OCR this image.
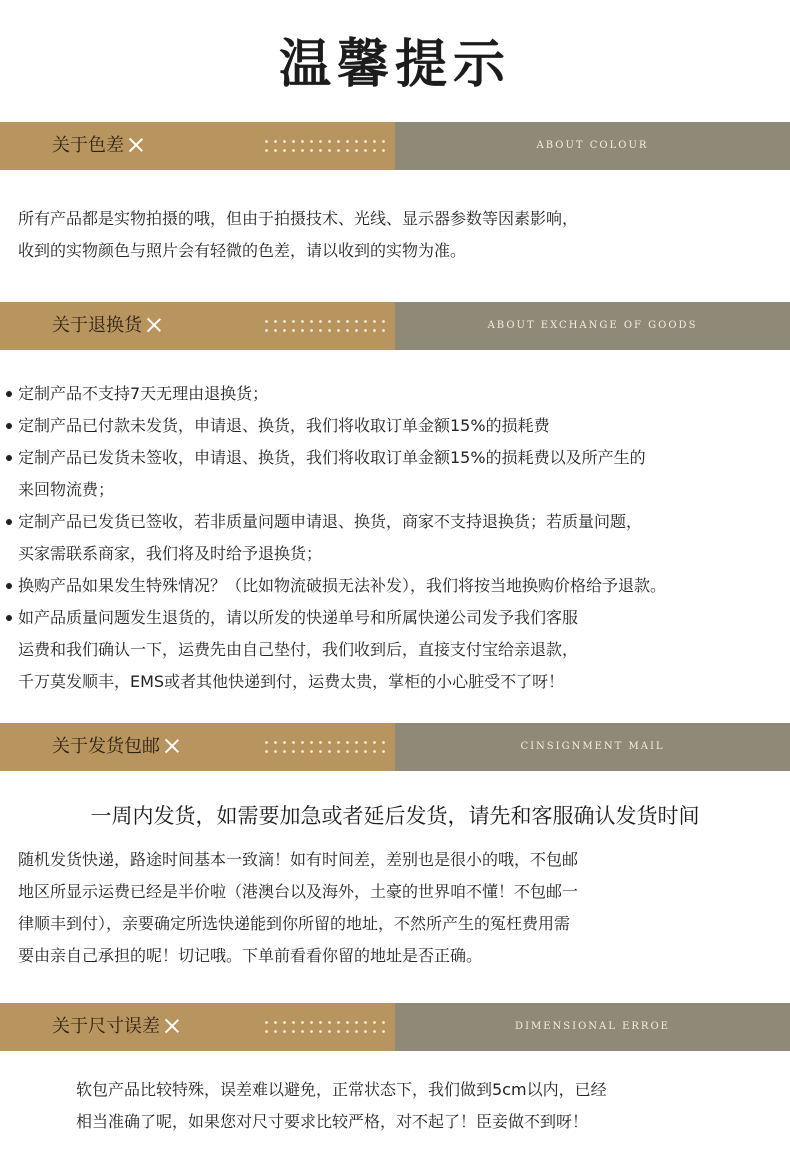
温馨提示
关于色差	ABOUT COLOUR
所有产品都是实物拍摄的哦，但由于拍摄技术、光线、显示器参数等因素影响，
收到的实物颜色与照片会有轻微的色差，请以收到的实物为准。
关于退换货	ABOUT EXCHANGE OF GOODS
定制产品不支持7天无理由退换货；
定制产品已付款未发货，申请退、换货，我们将收取订单金额15%的损耗费
定制产品已发货未签收，申请退、换货，我们将收取订单金额15%的损耗费以及所产生的
来回物流费；
定制产品已发货已签收，若非质量问题申请退、换货，商家不支持退换货；若质量问题，
买家需联系商家，我们将及时给予退换货；
换购产品如果发生特殊情况？（比如物流破损无法补发），我们将按当地换购价格给予退款。
如产品质量问题发生退货的，请以所发的快递单号和所属快递公司发予我们客服
运费和我们确认一下，运费先由自己垫付，我们收到后，直接支付宝给亲退款，
千万莫发顺丰，EMS或者其他快递到付，运费太贵，掌柜的小心脏受不了呀！
关于发货包邮	CINSIGNMENT MAIL
一周内发货，如需要加急或者延后发货，请先和客服确认发货时间
随机发货快递，路途时间基本一致滴！如有时间差，差别也是很小的哦，不包邮
地区所显示运费已经是半价啦（港澳台以及海外，土豪的世界咱不懂！不包邮一
律顺丰到付），亲要确定所选快递能到你所留的地址，不然所产生的冤枉费用需
要由亲自己承担的呢！切记哦。下单前看看你留的地址是否正确。
关于尺寸误差	DIMENSIONAL ERROE
软包产品比较特殊，误差难以避免，正常状态下，我们做到5cm以内，已经
相当准确了呢，如果您对尺寸要求比较严格，对不起了！臣妾做不到呀！
